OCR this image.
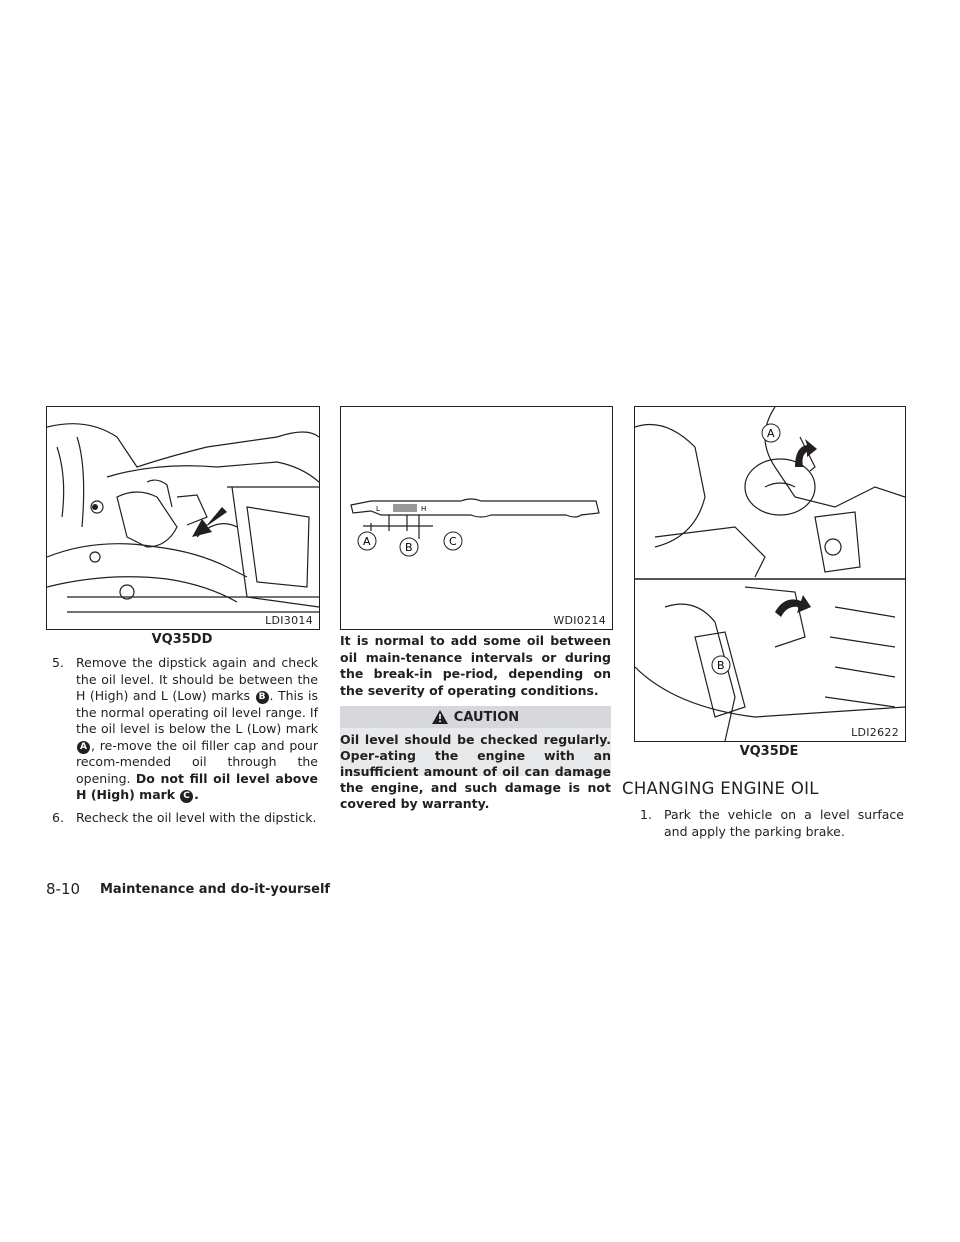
LDI3014
VQ35DD
L	H
A	B	C
WDI0214
A
B
LDI2622
VQ35DE
5. Remove the dipstick again and check the oil level. It should be between the H (High) and L (Low) marks B . This is the normal operating oil level range. If the oil level is below the L (Low) mark A , re-move the oil filler cap and pour recom-mended oil through the opening. Do not fill oil level above H (High) mark C .
6. Recheck the oil level with the dipstick.
It is normal to add some oil between oil main-tenance intervals or during the break-in pe-riod, depending on the severity of operating conditions.
CAUTION
Oil level should be checked regularly. Oper-ating the engine with an insufficient amount of oil can damage the engine, and such damage is not covered by warranty.
CHANGING ENGINE OIL
1. Park the vehicle on a level surface and apply the parking brake.
8-10 Maintenance and do-it-yourself
